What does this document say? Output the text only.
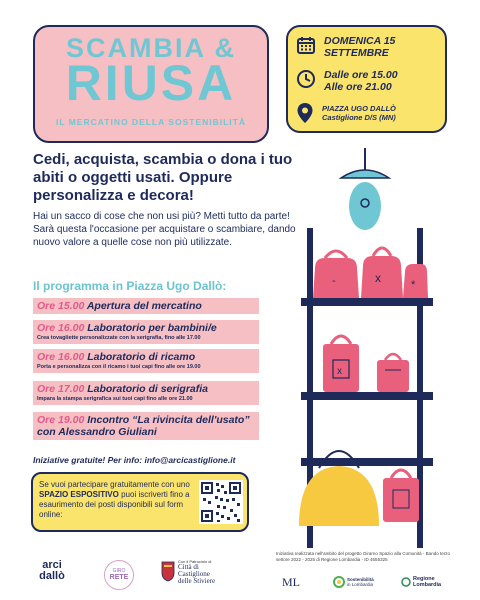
SCAMBIA &
RIUSA
IL MERCATINO DELLA SOSTENIBILITÀ
DOMENICA 15 SETTEMBRE
Dalle ore 15.00
Alle ore 21.00
PIAZZA UGO DALLÒ
Castiglione D/S (MN)
Cedi, acquista, scambia o dona i tuo abiti o oggetti usati. Oppure personalizza e decora!
Hai un sacco di cose che non usi più? Metti tutto da parte! Sarà questa l'occasione per acquistare o scambiare, dando nuovo valore a quelle cose non più utilizzate.
Il programma in Piazza Ugo Dallò:
Ore 15.00 Apertura del mercatino
Ore 16.00 Laboratorio per bambini/e
Crea tovagliette personalizzate con la serigrafia, fino alle 17.00
Ore 16.00 Laboratorio di ricamo
Porta e personalizza con il ricamo i tuoi capi fino alle ore 19.00
Ore 17.00 Laboratorio di serigrafia
Impara la stampa serigrafica sui tuoi capi fino alle ore 21.00
Ore 19.00 Incontro “La rivincita dell'usato” con Alessandro Giuliani
Iniziative gratuite! Per info: info@arcicastiglione.it
Se vuoi partecipare gratuitamente con uno SPAZIO ESPOSITIVO puoi iscriverti fino a esaurimento dei posti disponibili sul form online:
-	x	*
x
arci
dallò	GIRO
RETE
Con il Patrocinio di
Città di
Castiglione
delle Stiviere
Iniziativa realizzata nell'ambito del progetto Girarno Spazio alla Comunità - Bando terzo settore 2022 - 2025 di Regione Lombardia - ID 4655325
ML	Sostenibilità
in Lombardia
Regione
Lombardia
